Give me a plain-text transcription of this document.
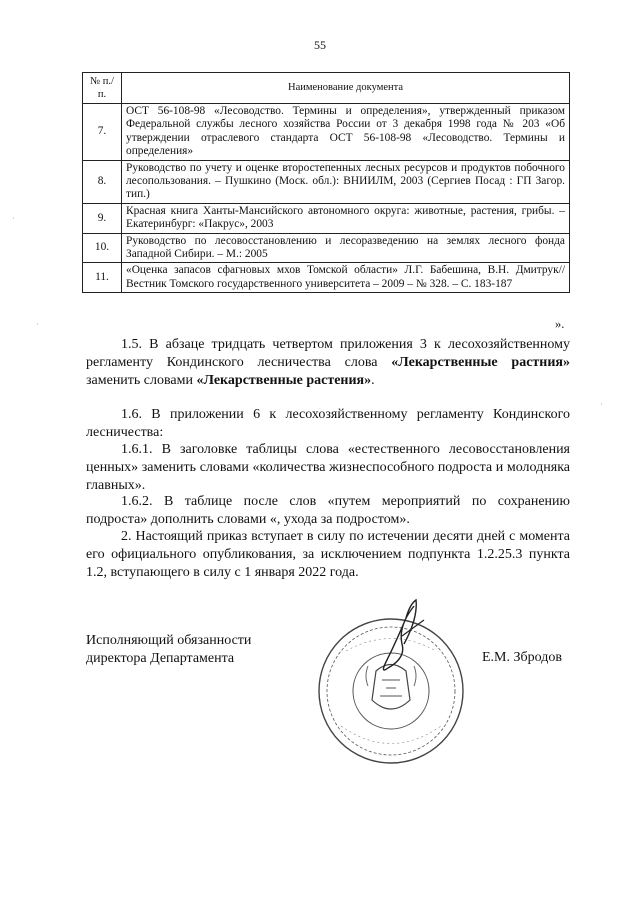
55
№ п./п.	Наименование документа
7.	ОСТ 56-108-98 «Лесоводство. Термины и определения», утвержденный приказом Федеральной службы лесного хозяйства России от 3 декабря 1998 года № 203 «Об утверждении отраслевого стандарта ОСТ 56-108-98 «Лесоводство. Термины и определения»
8.	Руководство по учету и оценке второстепенных лесных ресурсов и продуктов побочного лесопользования. – Пушкино (Моск. обл.): ВНИИЛМ, 2003 (Сергиев Посад : ГП Загор. тип.)
9.	Красная книга Ханты-Мансийского автономного округа: животные, растения, грибы. – Екатеринбург: «Пакрус», 2003
10.	Руководство по лесовосстановлению и лесоразведению на землях лесного фонда Западной Сибири. – М.: 2005
11.	«Оценка запасов сфагновых мхов Томской области» Л.Г. Бабешина, В.Н. Дмитрук// Вестник Томского государственного университета – 2009 – № 328. – С. 183-187
».
1.5. В абзаце тридцать четвертом приложения 3 к лесохозяйственному регламенту Кондинского лесничества слова «Лекарственные растния» заменить словами «Лекарственные растения».
1.6. В приложении 6 к лесохозяйственному регламенту Кондинского лесничества:
1.6.1. В заголовке таблицы слова «естественного лесовосстановления ценных» заменить словами «количества жизнеспособного подроста и молодняка главных».
1.6.2. В таблице после слов «путем мероприятий по сохранению подроста» дополнить словами «, ухода за подростом».
2. Настоящий приказ вступает в силу по истечении десяти дней с момента его официального опубликования, за исключением подпункта 1.2.25.3 пункта 1.2, вступающего в силу с 1 января 2022 года.
Исполняющий обязанности
директора Департамента	Е.М. Збродов
·
·
·
